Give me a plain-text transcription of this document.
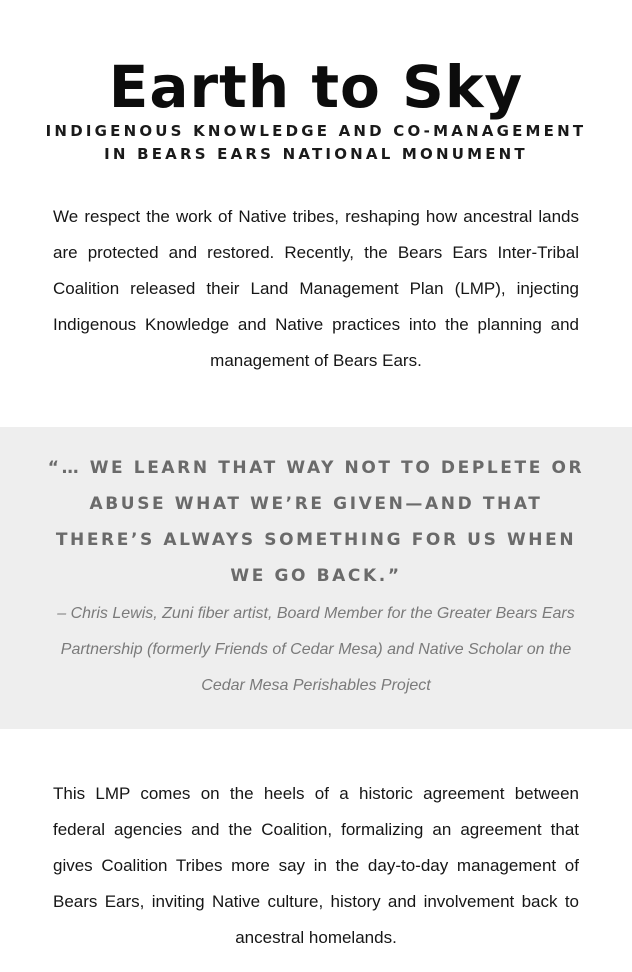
Earth to Sky
INDIGENOUS KNOWLEDGE AND CO-MANAGEMENT
IN BEARS EARS NATIONAL MONUMENT

We respect the work of Native tribes, reshaping how ancestral lands are protected and restored. Recently, the Bears Ears Inter-Tribal Coalition released their Land Management Plan (LMP), injecting Indigenous Knowledge and Native practices into the planning and management of Bears Ears.

“… WE LEARN THAT WAY NOT TO DEPLETE OR ABUSE WHAT WE’RE GIVEN—AND THAT THERE’S ALWAYS SOMETHING FOR US WHEN WE GO BACK.”

– Chris Lewis, Zuni fiber artist, Board Member for the Greater Bears Ears Partnership (formerly Friends of Cedar Mesa) and Native Scholar on the Cedar Mesa Perishables Project

This LMP comes on the heels of a historic agreement between federal agencies and the Coalition, formalizing an agreement that gives Coalition Tribes more say in the day-to-day management of Bears Ears, inviting Native culture, history and involvement back to ancestral homelands.
